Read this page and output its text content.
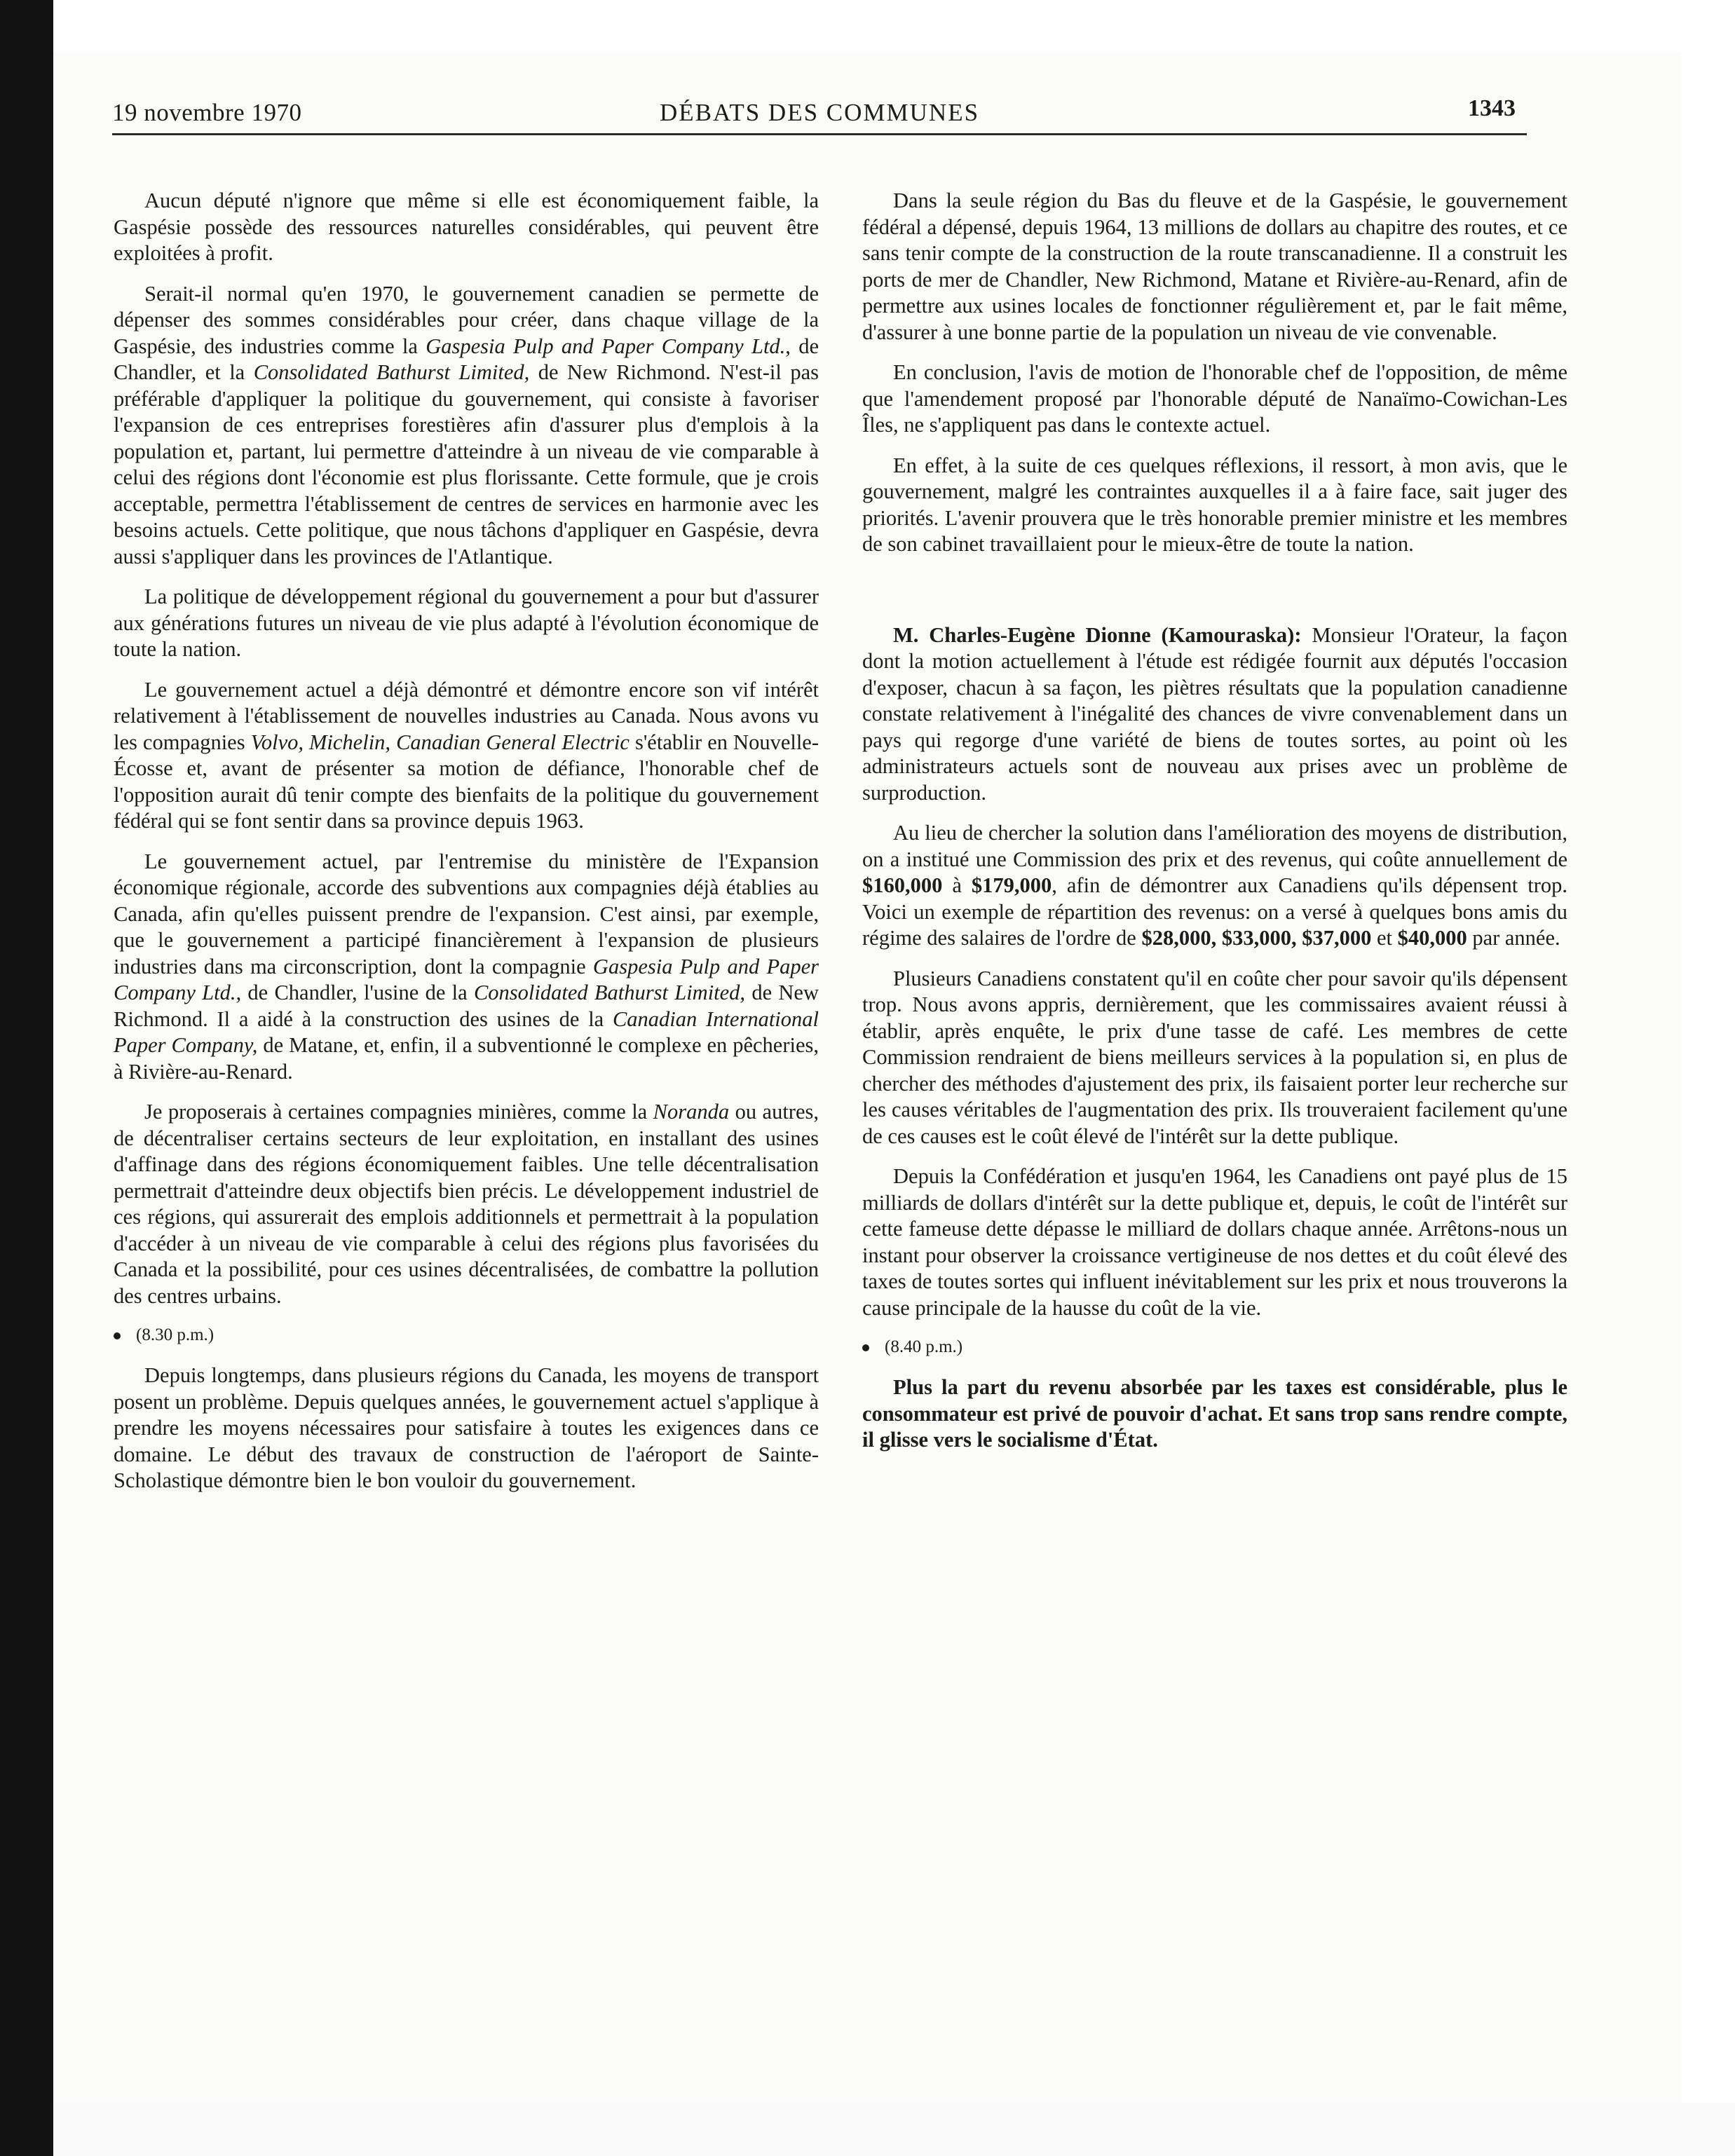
19 novembre 1970	DÉBATS DES COMMUNES	1343

Aucun député n'ignore que même si elle est économiquement faible, la Gaspésie possède des ressources naturelles considérables, qui peuvent être exploitées à profit.

Serait-il normal qu'en 1970, le gouvernement canadien se permette de dépenser des sommes considérables pour créer, dans chaque village de la Gaspésie, des industries comme la Gaspesia Pulp and Paper Company Ltd., de Chandler, et la Consolidated Bathurst Limited, de New Richmond. N'est-il pas préférable d'appliquer la politique du gouvernement, qui consiste à favoriser l'expansion de ces entreprises forestières afin d'assurer plus d'emplois à la population et, partant, lui permettre d'atteindre à un niveau de vie comparable à celui des régions dont l'économie est plus florissante. Cette formule, que je crois acceptable, permettra l'établissement de centres de services en harmonie avec les besoins actuels. Cette politique, que nous tâchons d'appliquer en Gaspésie, devra aussi s'appliquer dans les provinces de l'Atlantique.

La politique de développement régional du gouvernement a pour but d'assurer aux générations futures un niveau de vie plus adapté à l'évolution économique de toute la nation.

Le gouvernement actuel a déjà démontré et démontre encore son vif intérêt relativement à l'établissement de nouvelles industries au Canada. Nous avons vu les compagnies Volvo, Michelin, Canadian General Electric s'établir en Nouvelle-Écosse et, avant de présenter sa motion de défiance, l'honorable chef de l'opposition aurait dû tenir compte des bienfaits de la politique du gouvernement fédéral qui se font sentir dans sa province depuis 1963.

Le gouvernement actuel, par l'entremise du ministère de l'Expansion économique régionale, accorde des subventions aux compagnies déjà établies au Canada, afin qu'elles puissent prendre de l'expansion. C'est ainsi, par exemple, que le gouvernement a participé financièrement à l'expansion de plusieurs industries dans ma circonscription, dont la compagnie Gaspesia Pulp and Paper Company Ltd., de Chandler, l'usine de la Consolidated Bathurst Limited, de New Richmond. Il a aidé à la construction des usines de la Canadian International Paper Company, de Matane, et, enfin, il a subventionné le complexe en pêcheries, à Rivière-au-Renard.

Je proposerais à certaines compagnies minières, comme la Noranda ou autres, de décentraliser certains secteurs de leur exploitation, en installant des usines d'affinage dans des régions économiquement faibles. Une telle décentralisation permettrait d'atteindre deux objectifs bien précis. Le développement industriel de ces régions, qui assurerait des emplois additionnels et permettrait à la population d'accéder à un niveau de vie comparable à celui des régions plus favorisées du Canada et la possibilité, pour ces usines décentralisées, de combattre la pollution des centres urbains.

(8.30 p.m.)

Depuis longtemps, dans plusieurs régions du Canada, les moyens de transport posent un problème. Depuis quelques années, le gouvernement actuel s'applique à prendre les moyens nécessaires pour satisfaire à toutes les exigences dans ce domaine. Le début des travaux de construction de l'aéroport de Sainte-Scholastique démontre bien le bon vouloir du gouvernement.

Dans la seule région du Bas du fleuve et de la Gaspésie, le gouvernement fédéral a dépensé, depuis 1964, 13 millions de dollars au chapitre des routes, et ce sans tenir compte de la construction de la route transcanadienne. Il a construit les ports de mer de Chandler, New Richmond, Matane et Rivière-au-Renard, afin de permettre aux usines locales de fonctionner régulièrement et, par le fait même, d'assurer à une bonne partie de la population un niveau de vie convenable.

En conclusion, l'avis de motion de l'honorable chef de l'opposition, de même que l'amendement proposé par l'honorable député de Nanaïmo-Cowichan-Les Îles, ne s'appliquent pas dans le contexte actuel.

En effet, à la suite de ces quelques réflexions, il ressort, à mon avis, que le gouvernement, malgré les contraintes auxquelles il a à faire face, sait juger des priorités. L'avenir prouvera que le très honorable premier ministre et les membres de son cabinet travaillaient pour le mieux-être de toute la nation.

M. Charles-Eugène Dionne (Kamouraska): Monsieur l'Orateur, la façon dont la motion actuellement à l'étude est rédigée fournit aux députés l'occasion d'exposer, chacun à sa façon, les piètres résultats que la population canadienne constate relativement à l'inégalité des chances de vivre convenablement dans un pays qui regorge d'une variété de biens de toutes sortes, au point où les administrateurs actuels sont de nouveau aux prises avec un problème de surproduction.

Au lieu de chercher la solution dans l'amélioration des moyens de distribution, on a institué une Commission des prix et des revenus, qui coûte annuellement de $160,000 à $179,000, afin de démontrer aux Canadiens qu'ils dépensent trop. Voici un exemple de répartition des revenus: on a versé à quelques bons amis du régime des salaires de l'ordre de $28,000, $33,000, $37,000 et $40,000 par année.

Plusieurs Canadiens constatent qu'il en coûte cher pour savoir qu'ils dépensent trop. Nous avons appris, dernièrement, que les commissaires avaient réussi à établir, après enquête, le prix d'une tasse de café. Les membres de cette Commission rendraient de biens meilleurs services à la population si, en plus de chercher des méthodes d'ajustement des prix, ils faisaient porter leur recherche sur les causes véritables de l'augmentation des prix. Ils trouveraient facilement qu'une de ces causes est le coût élevé de l'intérêt sur la dette publique.

Depuis la Confédération et jusqu'en 1964, les Canadiens ont payé plus de 15 milliards de dollars d'intérêt sur la dette publique et, depuis, le coût de l'intérêt sur cette fameuse dette dépasse le milliard de dollars chaque année. Arrêtons-nous un instant pour observer la croissance vertigineuse de nos dettes et du coût élevé des taxes de toutes sortes qui influent inévitablement sur les prix et nous trouverons la cause principale de la hausse du coût de la vie.

(8.40 p.m.)

Plus la part du revenu absorbée par les taxes est considérable, plus le consommateur est privé de pouvoir d'achat. Et sans trop sans rendre compte, il glisse vers le socialisme d'État.
